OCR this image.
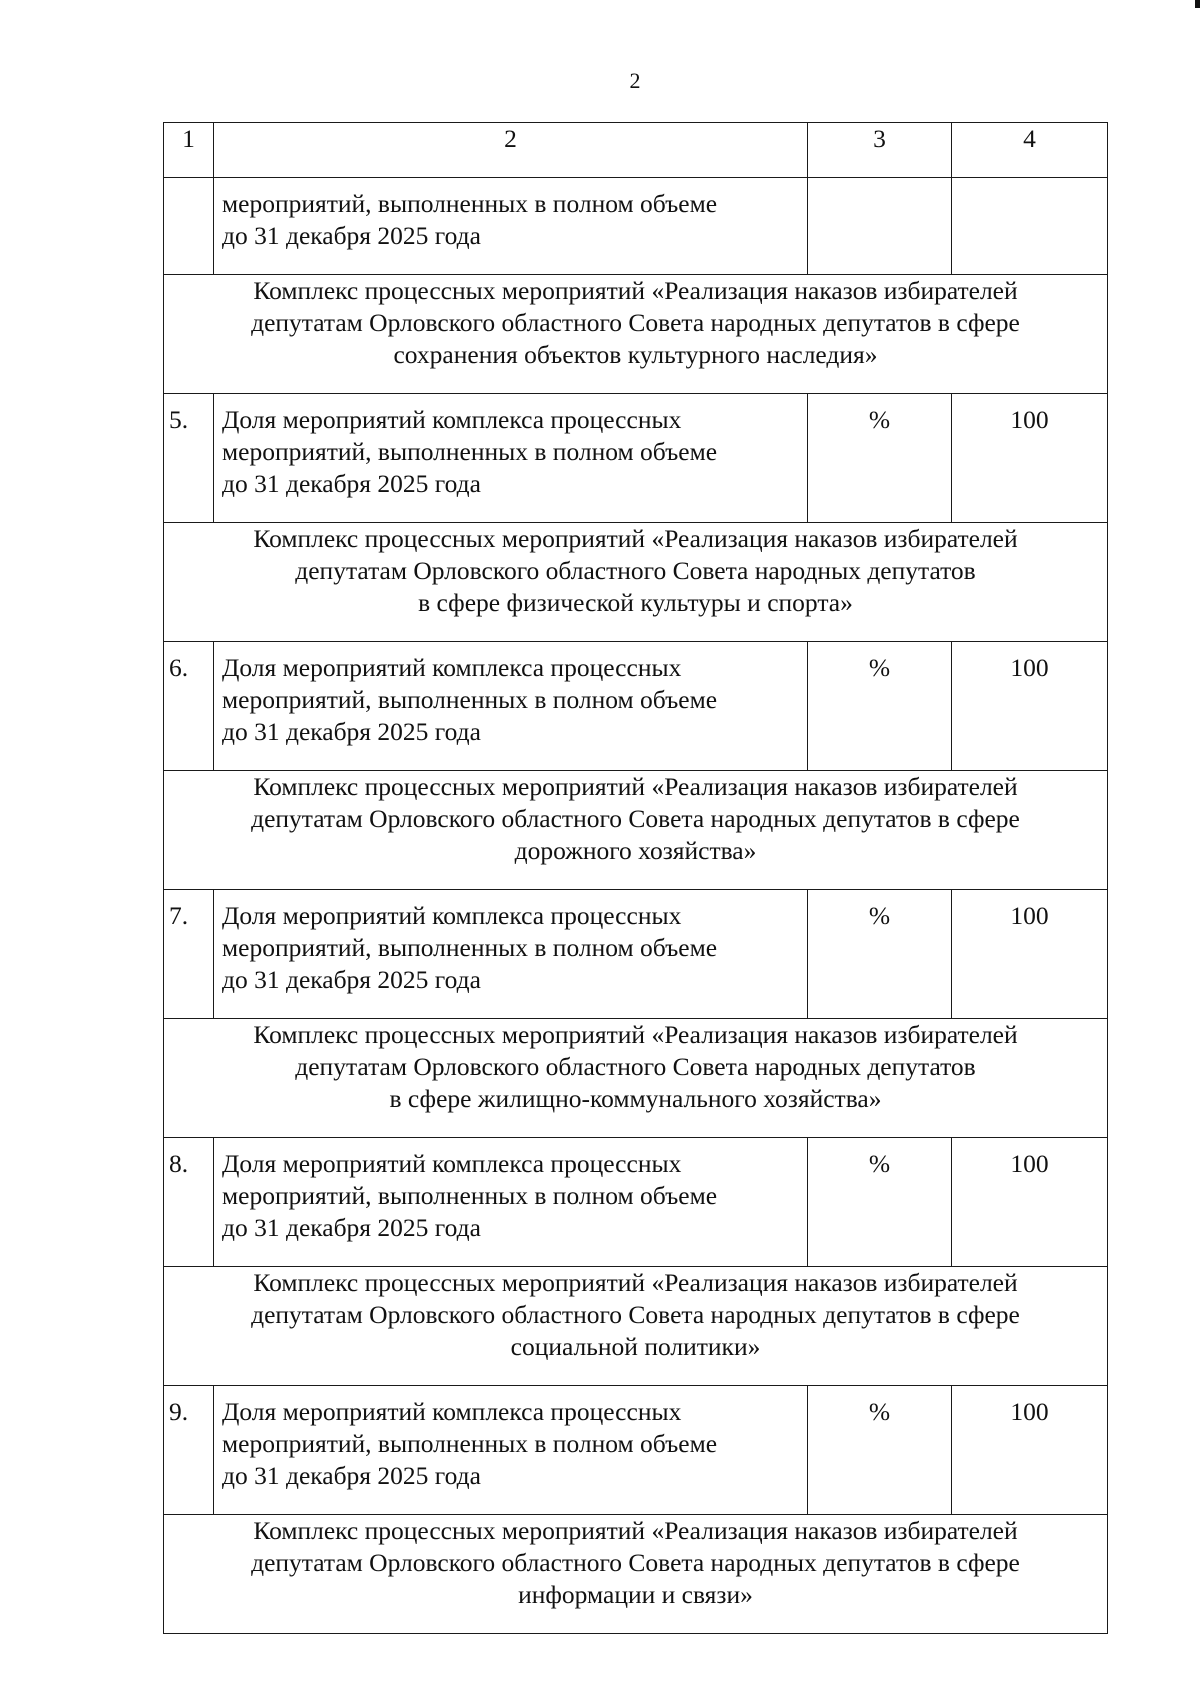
2
1	2	3	4

	мероприятий, выполненных в полном объеме
до 31 декабря 2025 года		

Комплекс процессных мероприятий «Реализация наказов избирателей
депутатам Орловского областного Совета народных депутатов в сфере
сохранения объектов культурного наследия»			

5.	Доля мероприятий комплекса процессных
мероприятий, выполненных в полном объеме
до 31 декабря 2025 года	%	100

Комплекс процессных мероприятий «Реализация наказов избирателей
депутатам Орловского областного Совета народных депутатов
в сфере физической культуры и спорта»			

6.	Доля мероприятий комплекса процессных
мероприятий, выполненных в полном объеме
до 31 декабря 2025 года	%	100

Комплекс процессных мероприятий «Реализация наказов избирателей
депутатам Орловского областного Совета народных депутатов в сфере
дорожного хозяйства»			

7.	Доля мероприятий комплекса процессных
мероприятий, выполненных в полном объеме
до 31 декабря 2025 года	%	100

Комплекс процессных мероприятий «Реализация наказов избирателей
депутатам Орловского областного Совета народных депутатов
в сфере жилищно-коммунального хозяйства»			

8.	Доля мероприятий комплекса процессных
мероприятий, выполненных в полном объеме
до 31 декабря 2025 года	%	100

Комплекс процессных мероприятий «Реализация наказов избирателей
депутатам Орловского областного Совета народных депутатов в сфере
социальной политики»			

9.	Доля мероприятий комплекса процессных
мероприятий, выполненных в полном объеме
до 31 декабря 2025 года	%	100

Комплекс процессных мероприятий «Реализация наказов избирателей
депутатам Орловского областного Совета народных депутатов в сфере
информации и связи»			
